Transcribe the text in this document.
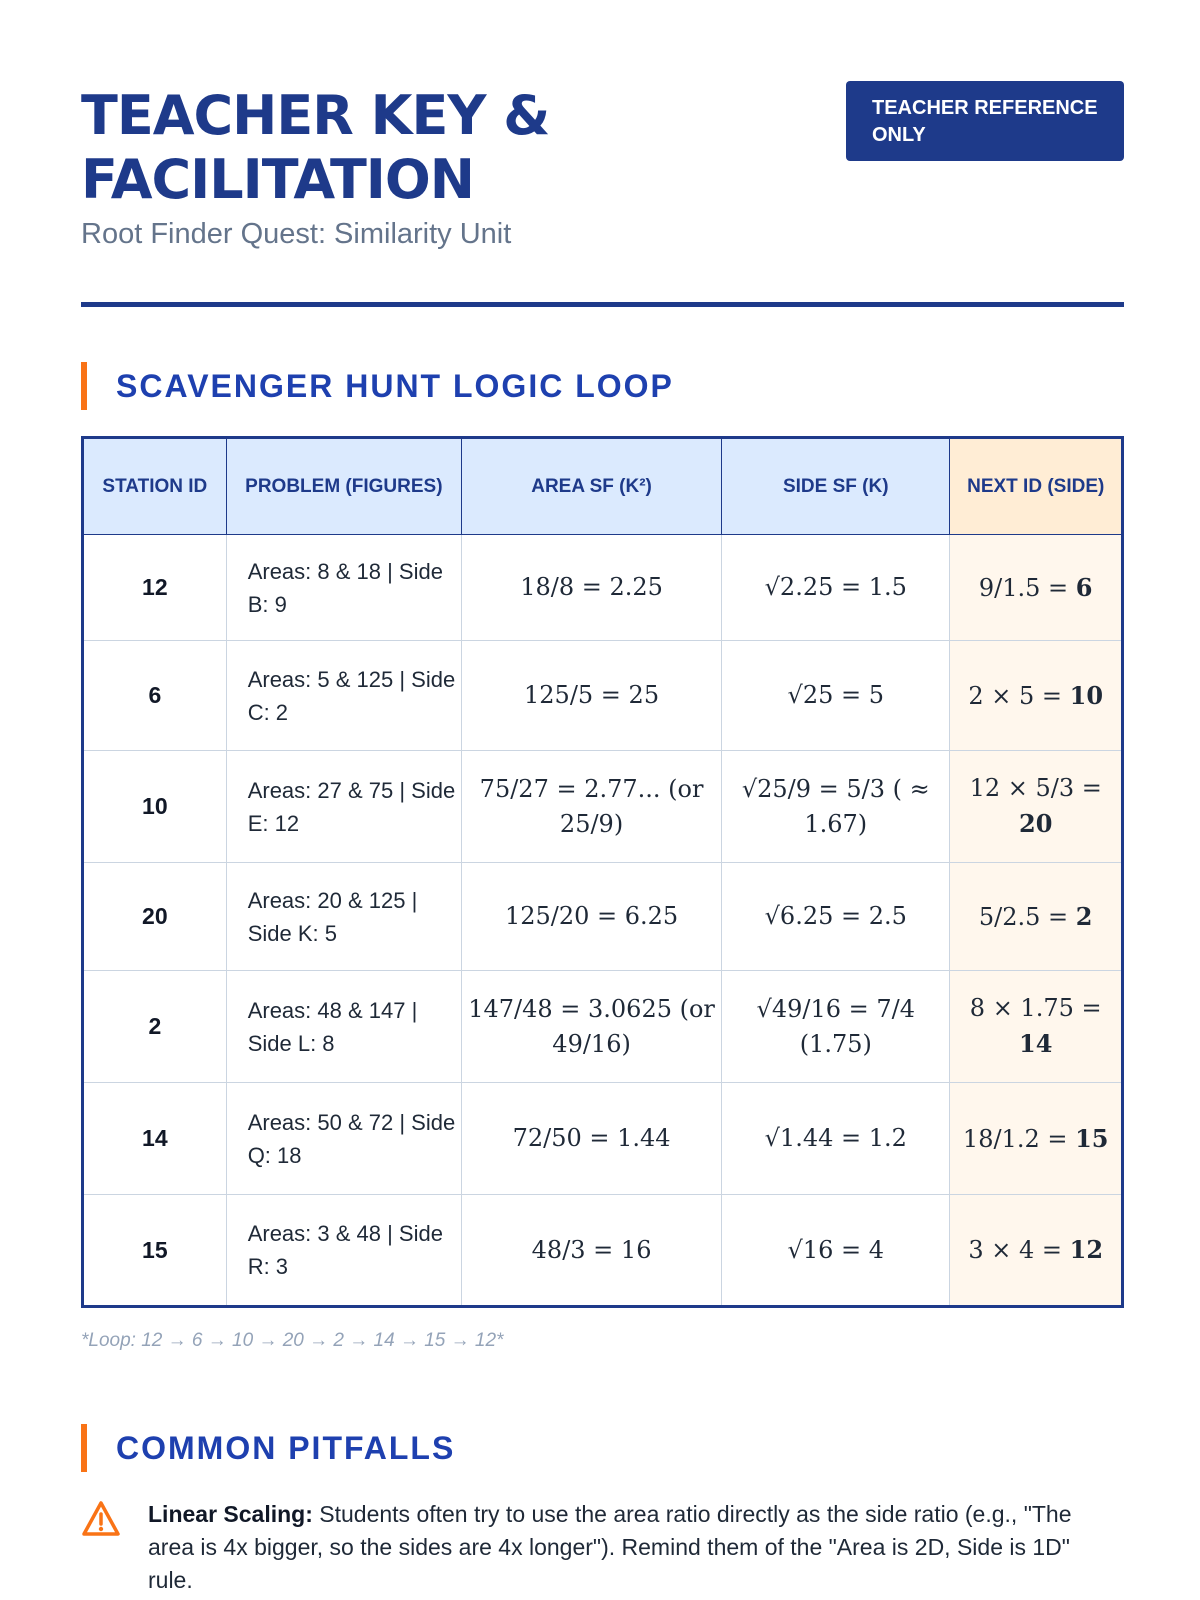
TEACHER KEY & FACILITATION
Root Finder Quest: Similarity Unit
TEACHER REFERENCE ONLY
SCAVENGER HUNT LOGIC LOOP
STATION ID	PROBLEM (FIGURES)	AREA SF (K²)	SIDE SF (K)	NEXT ID (SIDE)
12	Areas: 8 & 18 | Side B: 9	18/8 = 2.25	√2.25 = 1.5	9/1.5 = 6
6	Areas: 5 & 125 | Side C: 2	125/5 = 25	√25 = 5	2 × 5 = 10
10	Areas: 27 & 75 | Side E: 12	75/27 = 2.77... (or 25/9)	√25/9 = 5/3 ( ≈ 1.67)	12 × 5/3 = 20
20	Areas: 20 & 125 | Side K: 5	125/20 = 6.25	√6.25 = 2.5	5/2.5 = 2
2	Areas: 48 & 147 | Side L: 8	147/48 = 3.0625 (or 49/16)	√49/16 = 7/4 (1.75)	8 × 1.75 = 14
14	Areas: 50 & 72 | Side Q: 18	72/50 = 1.44	√1.44 = 1.2	18/1.2 = 15
15	Areas: 3 & 48 | Side R: 3	48/3 = 16	√16 = 4	3 × 4 = 12
*Loop: 12 → 6 → 10 → 20 → 2 → 14 → 15 → 12*
COMMON PITFALLS
Linear Scaling: Students often try to use the area ratio directly as the side ratio (e.g., "The area is 4x bigger, so the sides are 4x longer"). Remind them of the "Area is 2D, Side is 1D" rule.
